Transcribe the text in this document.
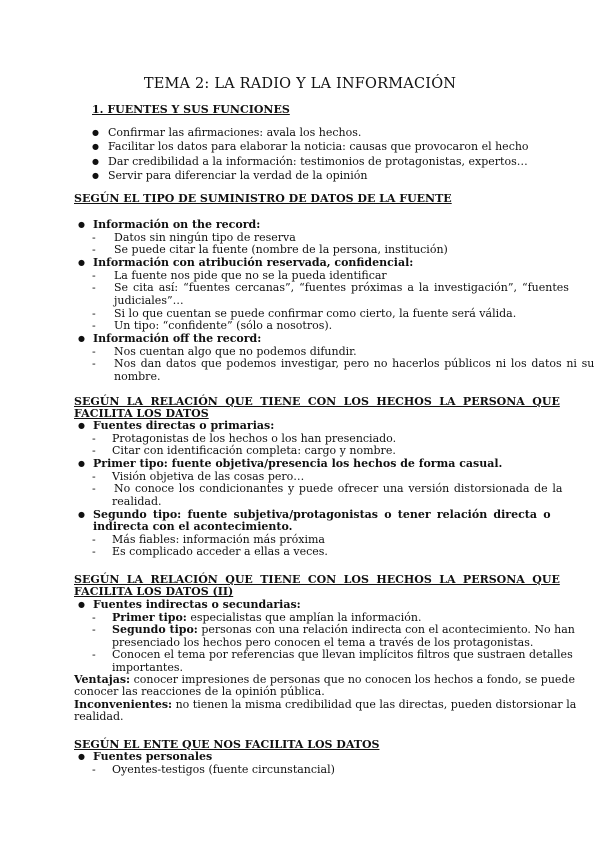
TEMA 2: LA RADIO Y LA INFORMACIÓN
1. FUENTES Y SUS FUNCIONES
● Confirmar las afirmaciones: avala los hechos.
● Facilitar los datos para elaborar la noticia: causas que provocaron el hecho
● Dar credibilidad a la información: testimonios de protagonistas, expertos…
● Servir para diferenciar la verdad de la opinión
SEGÚN EL TIPO DE SUMINISTRO DE DATOS DE LA FUENTE
● Información on the record:
- Datos sin ningún tipo de reserva
- Se puede citar la fuente (nombre de la persona, institución)
● Información con atribución reservada, confidencial:
- La fuente nos pide que no se la pueda identificar
- Se cita así: “fuentes cercanas”, “fuentes próximas a la investigación”, “fuentes
judiciales”…
- Si lo que cuentan se puede confirmar como cierto, la fuente será válida.
- Un tipo: “confidente” (sólo a nosotros).
● Información off the record:
- Nos cuentan algo que no podemos difundir.
- Nos dan datos que podemos investigar, pero no hacerlos públicos ni los datos ni su
nombre.
SEGÚN LA RELACIÓN QUE TIENE CON LOS HECHOS LA PERSONA QUE
FACILITA LOS DATOS
● Fuentes directas o primarias:
- Protagonistas de los hechos o los han presenciado.
- Citar con identificación completa: cargo y nombre.
● Primer tipo: fuente objetiva/presencia los hechos de forma casual.
- Visión objetiva de las cosas pero…
- No conoce los condicionantes y puede ofrecer una versión distorsionada de la
realidad.
● Segundo tipo: fuente subjetiva/protagonistas o tener relación directa o
indirecta con el acontecimiento.
- Más fiables: información más próxima
- Es complicado acceder a ellas a veces.
SEGÚN LA RELACIÓN QUE TIENE CON LOS HECHOS LA PERSONA QUE
FACILITA LOS DATOS (II)
● Fuentes indirectas o secundarias:
- Primer tipo: especialistas que amplían la información.
- Segundo tipo: personas con una relación indirecta con el acontecimiento. No han
presenciado los hechos pero conocen el tema a través de los protagonistas.
- Conocen el tema por referencias que llevan implícitos filtros que sustraen detalles
importantes.
Ventajas: conocer impresiones de personas que no conocen los hechos a fondo, se puede
conocer las reacciones de la opinión pública.
Inconvenientes: no tienen la misma credibilidad que las directas, pueden distorsionar la
realidad.
SEGÚN EL ENTE QUE NOS FACILITA LOS DATOS
● Fuentes personales
- Oyentes-testigos (fuente circunstancial)
